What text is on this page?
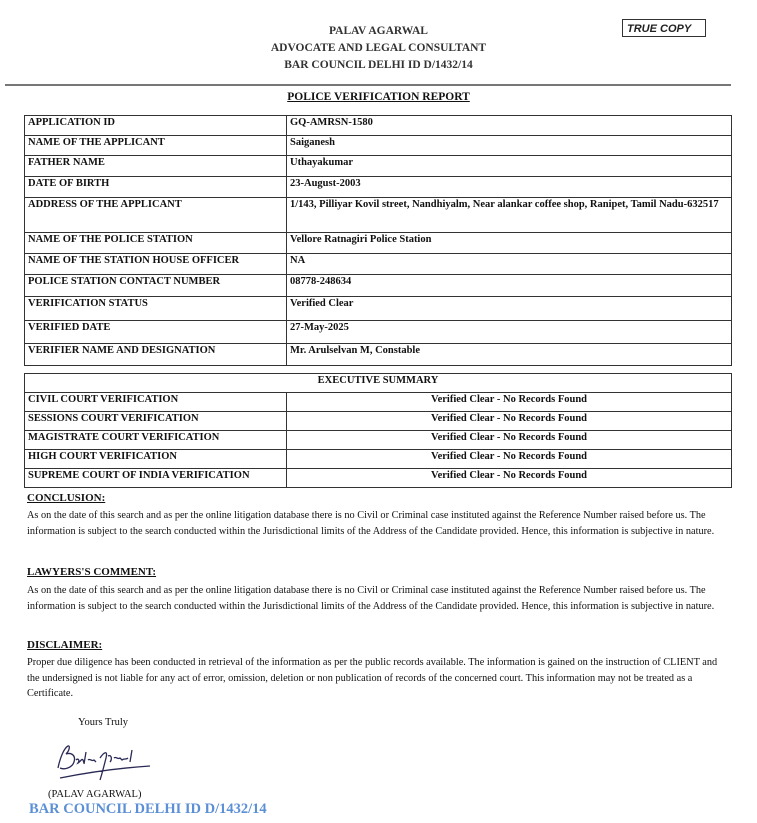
PALAV AGARWAL
ADVOCATE AND LEGAL CONSULTANT
BAR COUNCIL DELHI ID D/1432/14
TRUE COPY
POLICE VERIFICATION REPORT
APPLICATION ID	GQ-AMRSN-1580
NAME OF THE APPLICANT	Saiganesh
FATHER NAME	Uthayakumar
DATE OF BIRTH	23-August-2003
ADDRESS OF THE APPLICANT	1/143, Pilliyar Kovil street, Nandhiyalm, Near alankar coffee shop, Ranipet, Tamil Nadu-632517
NAME OF THE POLICE STATION	Vellore Ratnagiri Police Station
NAME OF THE STATION HOUSE OFFICER	NA
POLICE STATION CONTACT NUMBER	08778-248634
VERIFICATION STATUS	Verified Clear
VERIFIED DATE	27-May-2025
VERIFIER NAME AND DESIGNATION	Mr. Arulselvan M, Constable
EXECUTIVE SUMMARY	
CIVIL COURT VERIFICATION	Verified Clear - No Records Found
SESSIONS COURT VERIFICATION	Verified Clear - No Records Found
MAGISTRATE COURT VERIFICATION	Verified Clear - No Records Found
HIGH COURT VERIFICATION	Verified Clear - No Records Found
SUPREME COURT OF INDIA VERIFICATION	Verified Clear - No Records Found
CONCLUSION:
As on the date of this search and as per the online litigation database there is no Civil or Criminal case instituted against the Reference Number raised before us. The information is subject to the search conducted within the Jurisdictional limits of the Address of the Candidate provided. Hence, this information is subjective in nature.
LAWYERS'S COMMENT:
As on the date of this search and as per the online litigation database there is no Civil or Criminal case instituted against the Reference Number raised before us. The information is subject to the search conducted within the Jurisdictional limits of the Address of the Candidate provided. Hence, this information is subjective in nature.
DISCLAIMER:
Proper due diligence has been conducted in retrieval of the information as per the public records available. The information is gained on the instruction of CLIENT and the undersigned is not liable for any act of error, omission, deletion or non publication of records of the concerned court. This information may not be treated as a Certificate.
Yours Truly
(PALAV AGARWAL)
BAR COUNCIL DELHI ID D/1432/14
